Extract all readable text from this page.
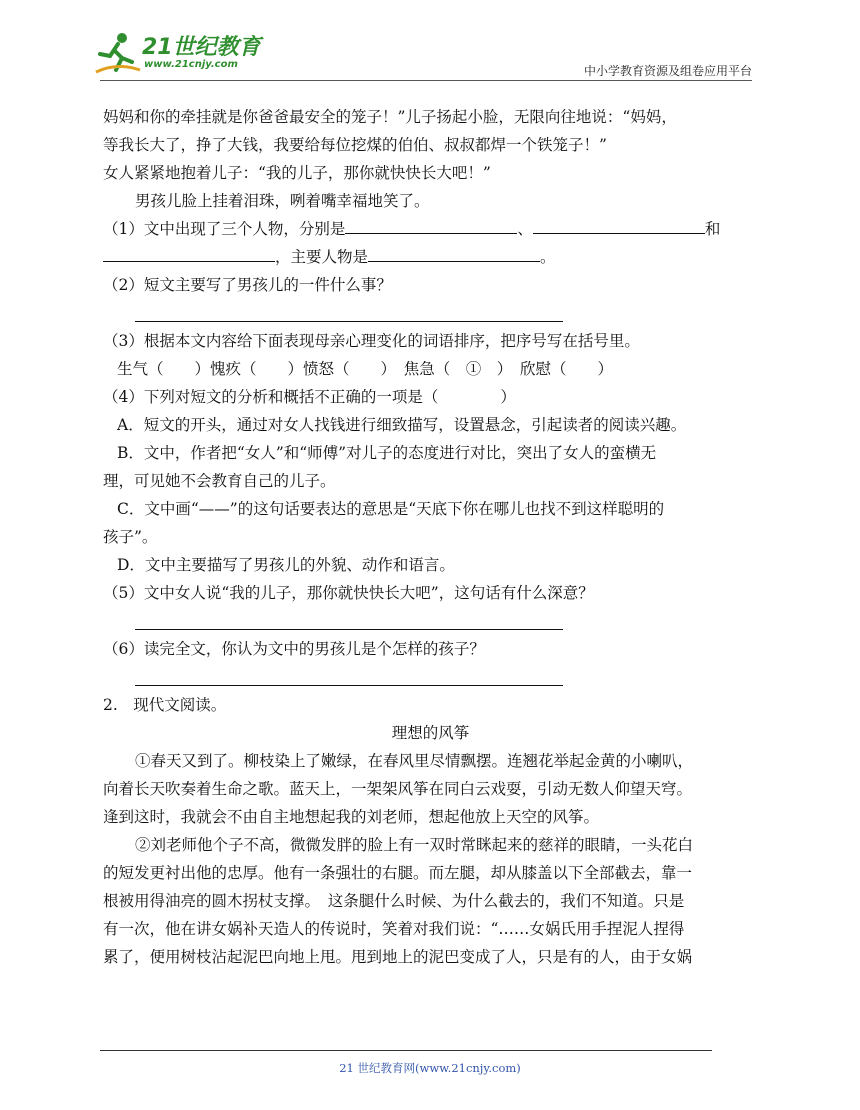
21世纪教育
www.21cnjy.com	中小学教育资源及组卷应用平台

妈妈和你的牵挂就是你爸爸最安全的笼子！”儿子扬起小脸，无限向往地说：“妈妈，

等我长大了，挣了大钱，我要给每位挖煤的伯伯、叔叔都焊一个铁笼子！”

女人紧紧地抱着儿子：“我的儿子，那你就快快长大吧！”

男孩儿脸上挂着泪珠，咧着嘴幸福地笑了。

（1）文中出现了三个人物，分别是	、	和

，主要人物是	。

（2）短文主要写了男孩儿的一件什么事？

（3）根据本文内容给下面表现母亲心理变化的词语排序，把序号写在括号里。

生气（　　）愧疚（　　）愤怒（　　）　焦急（　①　）　欣慰（　　）

（4）下列对短文的分析和概括不正确的一项是（　　　　）

A．短文的开头，通过对女人找钱进行细致描写，设置悬念，引起读者的阅读兴趣。

B．文中，作者把“女人”和“师傅”对儿子的态度进行对比，突出了女人的蛮横无

理，可见她不会教育自己的儿子。

C．文中画“——”的这句话要表达的意思是“天底下你在哪儿也找不到这样聪明的

孩子”。

D．文中主要描写了男孩儿的外貌、动作和语言。

（5）文中女人说“我的儿子，那你就快快长大吧”，这句话有什么深意？

（6）读完全文，你认为文中的男孩儿是个怎样的孩子？

2.　现代文阅读。

理想的风筝

①春天又到了。柳枝染上了嫩绿，在春风里尽情飘摆。连翘花举起金黄的小喇叭，

向着长天吹奏着生命之歌。蓝天上，一架架风筝在同白云戏耍，引动无数人仰望天穹。

逢到这时，我就会不由自主地想起我的刘老师，想起他放上天空的风筝。

②刘老师他个子不高，微微发胖的脸上有一双时常眯起来的慈祥的眼睛，一头花白

的短发更衬出他的忠厚。他有一条强壮的右腿。而左腿，却从膝盖以下全部截去，靠一

根被用得油亮的圆木拐杖支撑。　这条腿什么时候、为什么截去的，我们不知道。只是

有一次，他在讲女娲补天造人的传说时，笑着对我们说：“……女娲氏用手捏泥人捏得

累了，便用树枝沾起泥巴向地上甩。甩到地上的泥巴变成了人，只是有的人，由于女娲

21 世纪教育网(www.21cnjy.com)
